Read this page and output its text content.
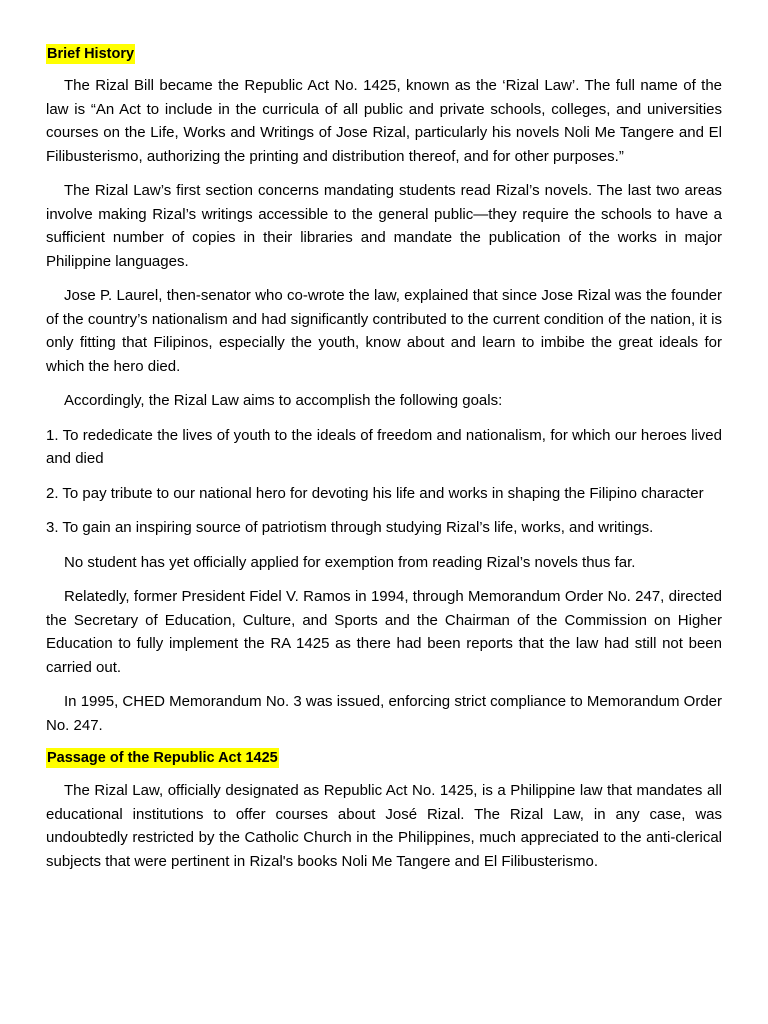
Brief History

The Rizal Bill became the Republic Act No. 1425, known as the ‘Rizal Law’. The full name of the law is “An Act to include in the curricula of all public and private schools, colleges, and universities courses on the Life, Works and Writings of Jose Rizal, particularly his novels Noli Me Tangere and El Filibusterismo, authorizing the printing and distribution thereof, and for other purposes.”

The Rizal Law’s first section concerns mandating students read Rizal’s novels. The last two areas involve making Rizal’s writings accessible to the general public—they require the schools to have a sufficient number of copies in their libraries and mandate the publication of the works in major Philippine languages.

Jose P. Laurel, then-senator who co-wrote the law, explained that since Jose Rizal was the founder of the country’s nationalism and had significantly contributed to the current condition of the nation, it is only fitting that Filipinos, especially the youth, know about and learn to imbibe the great ideals for which the hero died.

Accordingly, the Rizal Law aims to accomplish the following goals:

1. To rededicate the lives of youth to the ideals of freedom and nationalism, for which our heroes lived and died

2. To pay tribute to our national hero for devoting his life and works in shaping the Filipino character

3. To gain an inspiring source of patriotism through studying Rizal’s life, works, and writings.

No student has yet officially applied for exemption from reading Rizal’s novels thus far.

Relatedly, former President Fidel V. Ramos in 1994, through Memorandum Order No. 247, directed the Secretary of Education, Culture, and Sports and the Chairman of the Commission on Higher Education to fully implement the RA 1425 as there had been reports that the law had still not been carried out.

In 1995, CHED Memorandum No. 3 was issued, enforcing strict compliance to Memorandum Order No. 247.

Passage of the Republic Act 1425

The Rizal Law, officially designated as Republic Act No. 1425, is a Philippine law that mandates all educational institutions to offer courses about José Rizal. The Rizal Law, in any case, was undoubtedly restricted by the Catholic Church in the Philippines, much appreciated to the anti-clerical subjects that were pertinent in Rizal's books Noli Me Tangere and El Filibusterismo.
